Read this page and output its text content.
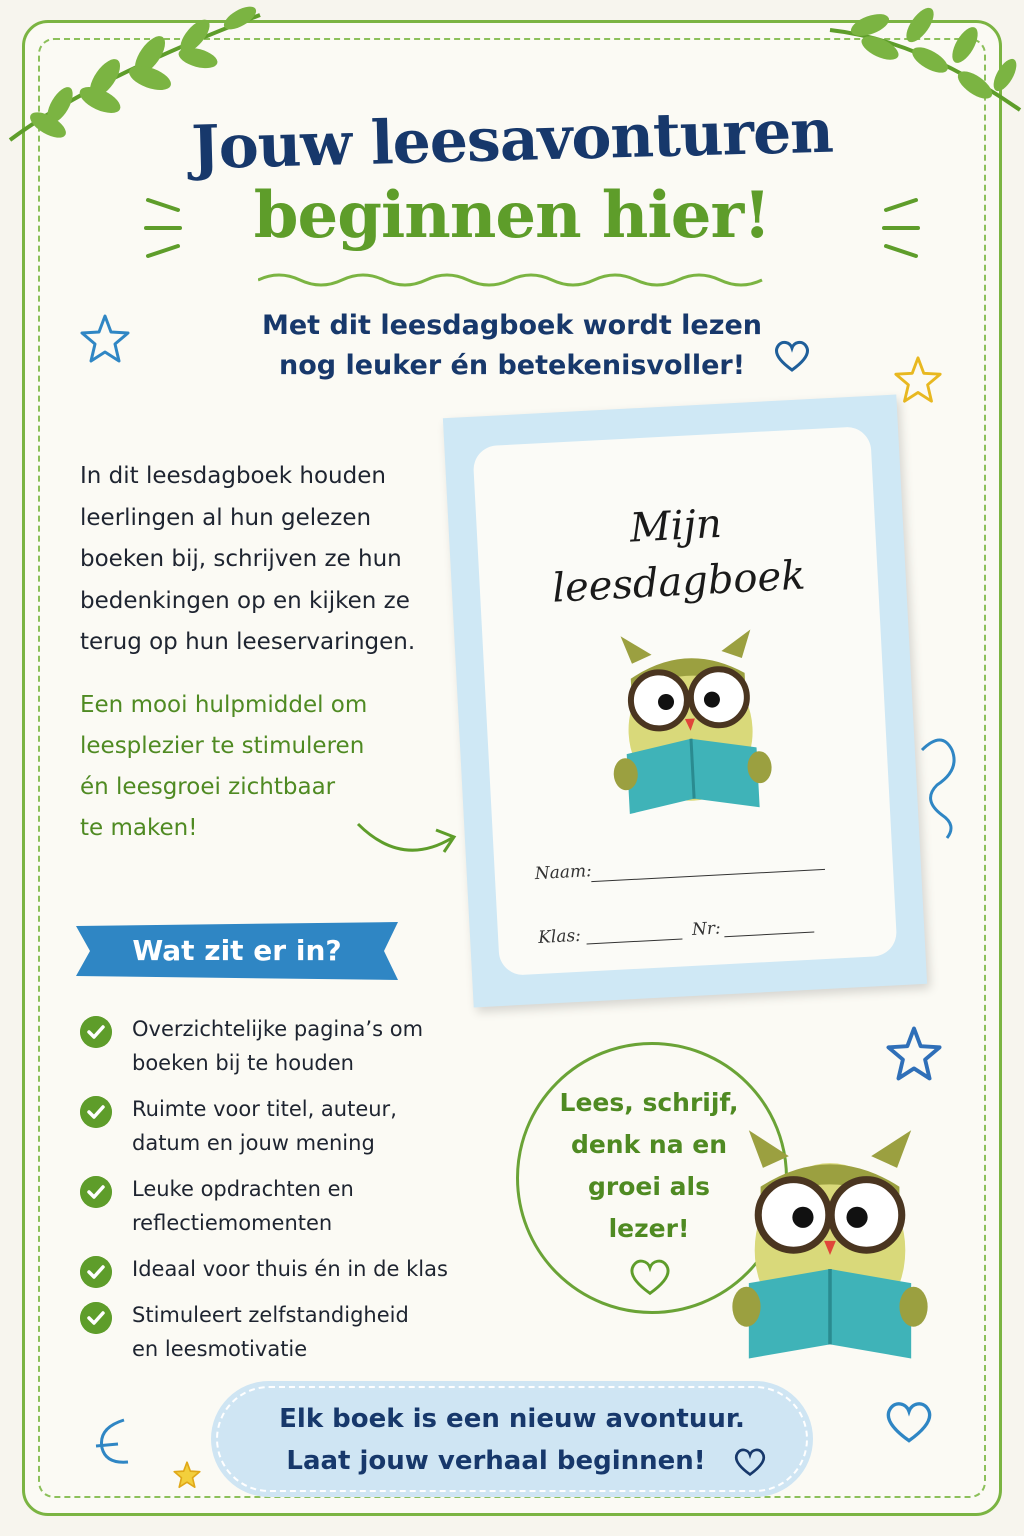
Jouw leesavonturen
beginnen hier!
Met dit leesdagboek wordt lezen
nog leuker én betekenisvoller!
In dit leesdagboek houden
leerlingen al hun gelezen
boeken bij, schrijven ze hun
bedenkingen op en kijken ze
terug op hun leeservaringen.
Een mooi hulpmiddel om
leesplezier te stimuleren
én leesgroei zichtbaar
te maken!
Mijn
leesdagboek
Naam:
Klas:	Nr:
Wat zit er in?
Overzichtelijke pagina’s om
boeken bij te houden
Ruimte voor titel, auteur,
datum en jouw mening
Leuke opdrachten en
reflectiemomenten
Ideaal voor thuis én in de klas
Stimuleert zelfstandigheid
en leesmotivatie
Lees, schrijf,
denk na en
groei als
lezer!
Elk boek is een nieuw avontuur.
Laat jouw verhaal beginnen!
